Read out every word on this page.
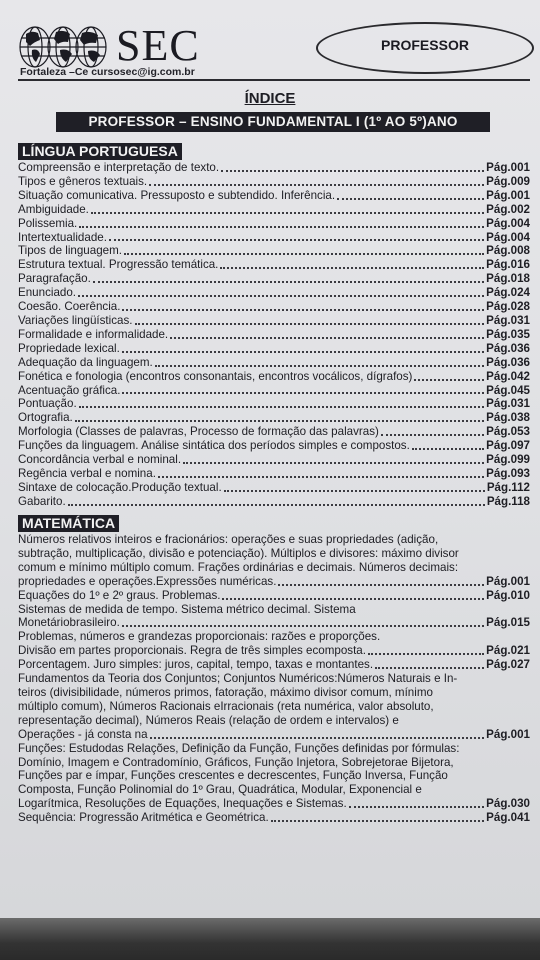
SEC
Fortaleza –Ce cursosec@ig.com.br
PROFESSOR
ÍNDICE
PROFESSOR – ENSINO FUNDAMENTAL I (1º AO 5º)ANO
LÍNGUA PORTUGUESA
Compreensão e interpretação de texto.	Pág.001
Tipos e gêneros textuais.	Pág.009
Situação comunicativa. Pressuposto e subtendido. Inferência.	Pág.001
Ambiguidade.	Pág.002
Polissemia.	Pág.004
Intertextualidade.	Pág.004
Tipos de linguagem.	Pág.008
Estrutura textual. Progressão temática.	Pág.016
Paragrafação.	Pág.018
Enunciado.	Pág.024
Coesão. Coerência.	Pág.028
Variações lingüísticas.	Pág.031
Formalidade e informalidade.	Pág.035
Propriedade lexical.	Pág.036
Adequação da linguagem.	Pág.036
Fonética e fonologia (encontros consonantais, encontros vocálicos, dígrafos)	Pág.042
Acentuação gráfica.	Pág.045
Pontuação.	Pág.031
Ortografia.	Pág.038
Morfologia (Classes de palavras, Processo de formação das palavras)	Pág.053
Funções da linguagem. Análise sintática dos períodos simples e compostos.	Pág.097
Concordância verbal e nominal.	Pág.099
Regência verbal e nomina.	Pág.093
Sintaxe de colocação.Produção textual.	Pág.112
Gabarito.	Pág.118
MATEMÁTICA
Números relativos inteiros e fracionários: operações e suas propriedades (adição,
subtração, multiplicação, divisão e potenciação). Múltiplos e divisores: máximo divisor
comum e mínimo múltiplo comum. Frações ordinárias e decimais. Números decimais:
propriedades e operações.Expressões numéricas.	Pág.001
Equações do 1º e 2º graus. Problemas.	Pág.010
Sistemas de medida de tempo. Sistema métrico decimal. Sistema
Monetáriobrasileiro.	Pág.015
Problemas, números e grandezas proporcionais: razões e proporções.
Divisão em partes proporcionais. Regra de três simples ecomposta.	Pág.021
Porcentagem. Juro simples: juros, capital, tempo, taxas e montantes.	Pág.027
Fundamentos da Teoria dos Conjuntos; Conjuntos Numéricos:Números Naturais e In-
teiros (divisibilidade, números primos, fatoração, máximo divisor comum, mínimo
múltiplo comum), Números Racionais eIrracionais (reta numérica, valor absoluto,
representação decimal), Números Reais (relação de ordem e intervalos) e
Operações - já consta na	Pág.001
Funções: Estudodas Relações, Definição da Função, Funções definidas por fórmulas:
Domínio, Imagem e Contradomínio, Gráficos, Função Injetora, Sobrejetorae Bijetora,
Funções par e ímpar, Funções crescentes e decrescentes, Função Inversa, Função
Composta, Função Polinomial do 1º Grau, Quadrática, Modular, Exponencial e
Logarítmica, Resoluções de Equações, Inequações e Sistemas.	Pág.030
Sequência: Progressão Aritmética e Geométrica.	Pág.041
